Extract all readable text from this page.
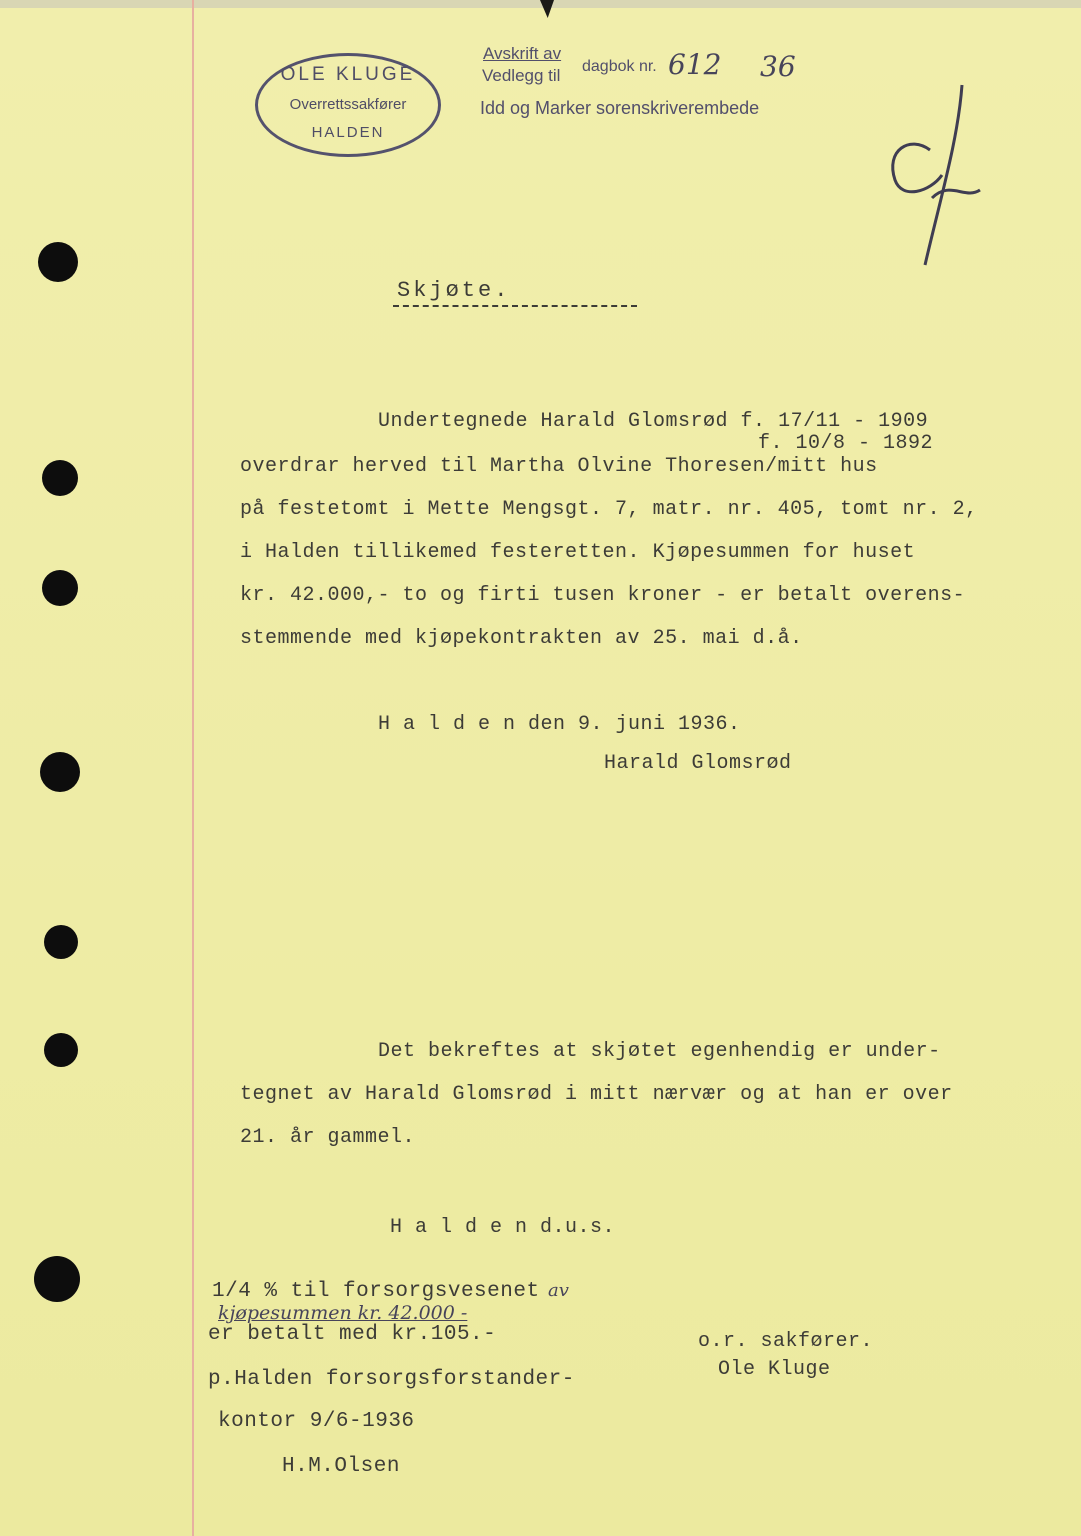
OLE KLUGE
Overrettssakfører
HALDEN
Avskrift av
Vedlegg til dagbok nr. 612 36
Idd og Marker sorenskriverembede
Skjøte.
Undertegnede Harald Glomsrød f. 17/11 - 1909
f. 10/8 - 1892
overdrar herved til Martha Olvine Thoresen/mitt hus
på festetomt i Mette Mengsgt. 7, matr. nr. 405, tomt nr. 2,
i Halden tillikemed festeretten. Kjøpesummen for huset
kr. 42.000,- to og firti tusen kroner - er betalt overens-
stemmende med kjøpekontrakten av 25. mai d.å.
H a l d e n den 9. juni 1936.
Harald Glomsrød
Det bekreftes at skjøtet egenhendig er under-
tegnet av Harald Glomsrød i mitt nærvær og at han er over
21. år gammel.
H a l d e n d.u.s.
1/4 % til forsorgsvesenet av
kjøpesummen kr. 42.000 -
er betalt med kr.105.-
p.Halden forsorgsforstander-
kontor 9/6-1936
H.M.Olsen
o.r. sakfører.
Ole Kluge
